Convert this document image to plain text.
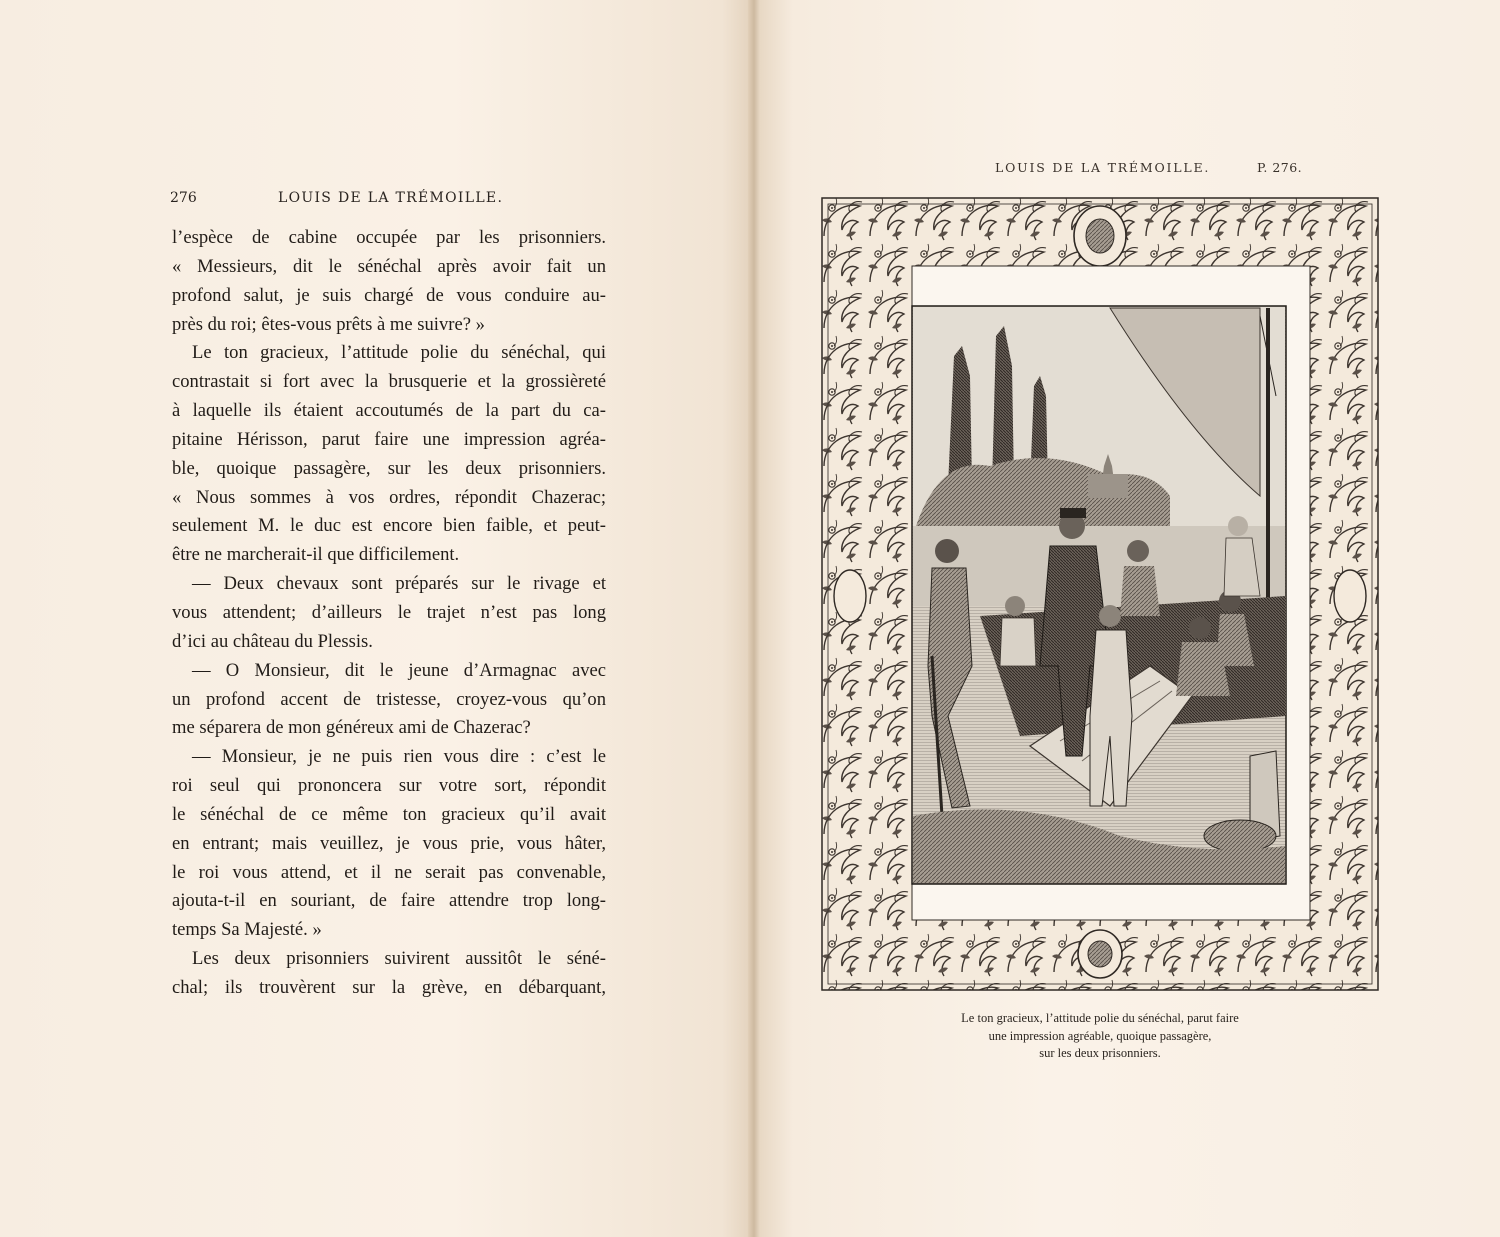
276	LOUIS DE LA TRÉMOILLE.
l’espèce de cabine occupée par les prisonniers.
« Messieurs, dit le sénéchal après avoir fait un
profond salut, je suis chargé de vous conduire au-
près du roi; êtes-vous prêts à me suivre? »
Le ton gracieux, l’attitude polie du sénéchal, qui
contrastait si fort avec la brusquerie et la grossièreté
à laquelle ils étaient accoutumés de la part du ca-
pitaine Hérisson, parut faire une impression agréa-
ble, quoique passagère, sur les deux prisonniers.
« Nous sommes à vos ordres, répondit Chazerac;
seulement M. le duc est encore bien faible, et peut-
être ne marcherait-il que difficilement.
— Deux chevaux sont préparés sur le rivage et
vous attendent; d’ailleurs le trajet n’est pas long
d’ici au château du Plessis.
— O Monsieur, dit le jeune d’Armagnac avec
un profond accent de tristesse, croyez-vous qu’on
me séparera de mon généreux ami de Chazerac?
— Monsieur, je ne puis rien vous dire : c’est le
roi seul qui prononcera sur votre sort, répondit
le sénéchal de ce même ton gracieux qu’il avait
en entrant; mais veuillez, je vous prie, vous hâter,
le roi vous attend, et il ne serait pas convenable,
ajouta-t-il en souriant, de faire attendre trop long-
temps Sa Majesté. »
Les deux prisonniers suivirent aussitôt le séné-
chal; ils trouvèrent sur la grève, en débarquant,
LOUIS DE LA TRÉMOILLE.	P. 276.
Le ton gracieux, l’attitude polie du sénéchal, parut faire
une impression agréable, quoique passagère,
sur les deux prisonniers.
